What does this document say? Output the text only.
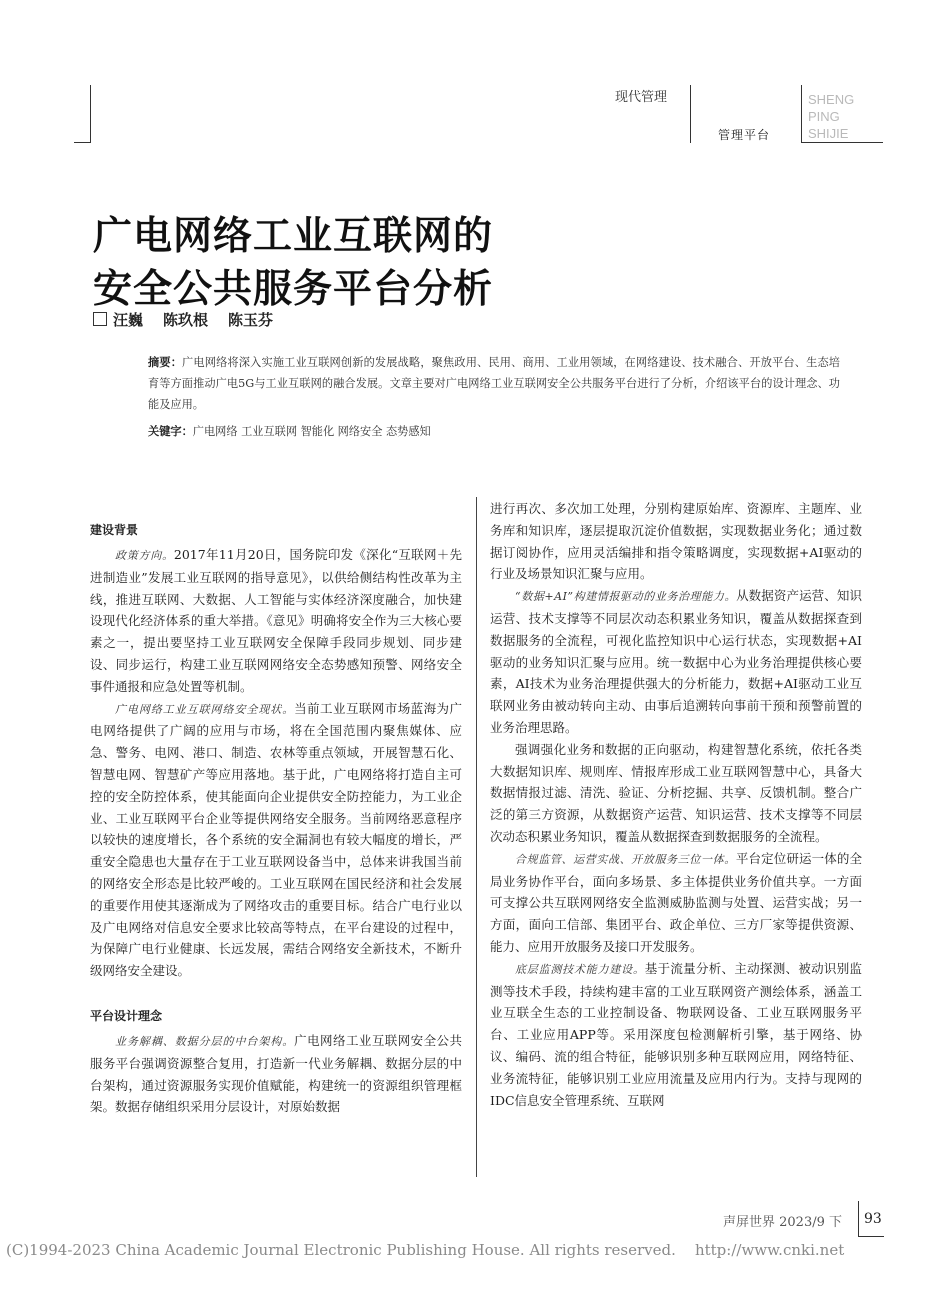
现代管理
管理平台
SHENG
PING
SHIJIE
广电网络工业互联网的
安全公共服务平台分析
汪巍 陈玖根 陈玉芬
摘要：广电网络将深入实施工业互联网创新的发展战略，聚焦政用、民用、商用、工业用领域，在网络建设、技术融合、开放平台、生态培育等方面推动广电5G与工业互联网的融合发展。文章主要对广电网络工业互联网安全公共服务平台进行了分析，介绍该平台的设计理念、功能及应用。
关键字：广电网络 工业互联网 智能化 网络安全 态势感知
建设背景

政策方向。2017年11月20日，国务院印发《深化“互联网＋先进制造业”发展工业互联网的指导意见》，以供给侧结构性改革为主线，推进互联网、大数据、人工智能与实体经济深度融合，加快建设现代化经济体系的重大举措。《意见》明确将安全作为三大核心要素之一，提出要坚持工业互联网安全保障手段同步规划、同步建设、同步运行，构建工业互联网网络安全态势感知预警、网络安全事件通报和应急处置等机制。

广电网络工业互联网络安全现状。当前工业互联网市场蓝海为广电网络提供了广阔的应用与市场，将在全国范围内聚焦媒体、应急、警务、电网、港口、制造、农林等重点领域，开展智慧石化、智慧电网、智慧矿产等应用落地。基于此，广电网络将打造自主可控的安全防控体系，使其能面向企业提供安全防控能力，为工业企业、工业互联网平台企业等提供网络安全服务。当前网络恶意程序以较快的速度增长，各个系统的安全漏洞也有较大幅度的增长，严重安全隐患也大量存在于工业互联网设备当中，总体来讲我国当前的网络安全形态是比较严峻的。工业互联网在国民经济和社会发展的重要作用使其逐渐成为了网络攻击的重要目标。结合广电行业以及广电网络对信息安全要求比较高等特点，在平台建设的过程中，为保障广电行业健康、长远发展，需结合网络安全新技术，不断升级网络安全建设。

平台设计理念

业务解耦、数据分层的中台架构。广电网络工业互联网安全公共服务平台强调资源整合复用，打造新一代业务解耦、数据分层的中台架构，通过资源服务实现价值赋能，构建统一的资源组织管理框架。数据存储组织采用分层设计，对原始数据

进行再次、多次加工处理，分别构建原始库、资源库、主题库、业务库和知识库，逐层提取沉淀价值数据，实现数据业务化；通过数据订阅协作，应用灵活编排和指令策略调度，实现数据+AI驱动的行业及场景知识汇聚与应用。

“数据+AI”构建情报驱动的业务治理能力。从数据资产运营、知识运营、技术支撑等不同层次动态积累业务知识，覆盖从数据探查到数据服务的全流程，可视化监控知识中心运行状态，实现数据+AI驱动的业务知识汇聚与应用。统一数据中心为业务治理提供核心要素，AI技术为业务治理提供强大的分析能力，数据+AI驱动工业互联网业务由被动转向主动、由事后追溯转向事前干预和预警前置的业务治理思路。

强调强化业务和数据的正向驱动，构建智慧化系统，依托各类大数据知识库、规则库、情报库形成工业互联网智慧中心，具备大数据情报过滤、清洗、验证、分析挖掘、共享、反馈机制。整合广泛的第三方资源，从数据资产运营、知识运营、技术支撑等不同层次动态积累业务知识，覆盖从数据探查到数据服务的全流程。

合规监管、运营实战、开放服务三位一体。平台定位研运一体的全局业务协作平台，面向多场景、多主体提供业务价值共享。一方面可支撑公共互联网网络安全监测威胁监测与处置、运营实战；另一方面，面向工信部、集团平台、政企单位、三方厂家等提供资源、能力、应用开放服务及接口开发服务。

底层监测技术能力建设。基于流量分析、主动探测、被动识别监测等技术手段，持续构建丰富的工业互联网资产测绘体系，涵盖工业互联全生态的工业控制设备、物联网设备、工业互联网服务平台、工业应用APP等。采用深度包检测解析引擎，基于网络、协议、编码、流的组合特征，能够识别多种互联网应用，网络特征、业务流特征，能够识别工业应用流量及应用内行为。支持与现网的IDC信息安全管理系统、互联网

声屏世界 2023/9 下 93
(C)1994-2023 China Academic Journal Electronic Publishing House. All rights reserved.    http://www.cnki.net
